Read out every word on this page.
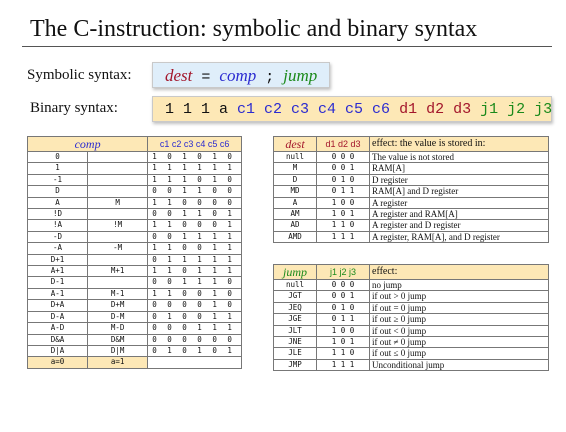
The C-instruction: symbolic and binary syntax
Symbolic syntax:	dest = comp ; jump
Binary syntax:	1 1 1 a c1 c2 c3 c4 c5 c6 d1 d2 d3 j1 j2 j3
comp		c1 c2 c3 c4 c5 c6
0		1 0 1 0 1 0
1		1 1 1 1 1 1
-1		1 1 1 0 1 0
D		0 0 1 1 0 0
A	M	1 1 0 0 0 0
!D		0 0 1 1 0 1
!A	!M	1 1 0 0 0 1
-D		0 0 1 1 1 1
-A	-M	1 1 0 0 1 1
D+1		0 1 1 1 1 1
A+1	M+1	1 1 0 1 1 1
D-1		0 0 1 1 1 0
A-1	M-1	1 1 0 0 1 0
D+A	D+M	0 0 0 0 1 0
D-A	D-M	0 1 0 0 1 1
A-D	M-D	0 0 0 1 1 1
D&A	D&M	0 0 0 0 0 0
D|A	D|M	0 1 0 1 0 1
a=0	a=1	
dest	d1 d2 d3	effect: the value is stored in:
null	0 0 0	The value is not stored
M	0 0 1	RAM[A]
D	0 1 0	D register
MD	0 1 1	RAM[A] and D register
A	1 0 0	A register
AM	1 0 1	A register and RAM[A]
AD	1 1 0	A register and D register
AMD	1 1 1	A register, RAM[A], and D register
jump	j1 j2 j3	effect:
null	0 0 0	no jump
JGT	0 0 1	if out > 0 jump
JEQ	0 1 0	if out = 0 jump
JGE	0 1 1	if out ≥ 0 jump
JLT	1 0 0	if out < 0 jump
JNE	1 0 1	if out ≠ 0 jump
JLE	1 1 0	if out ≤ 0 jump
JMP	1 1 1	Unconditional jump
